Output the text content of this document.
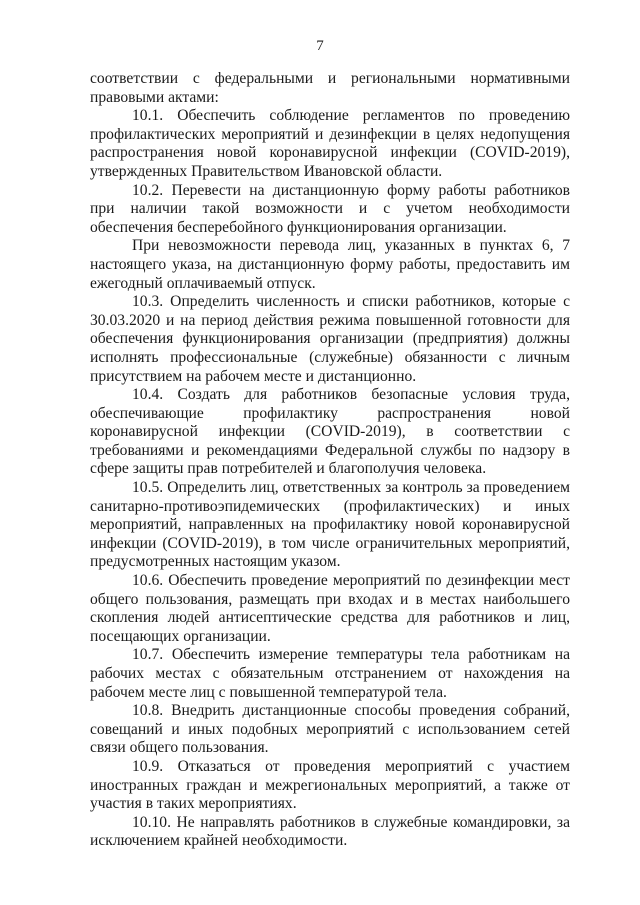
7

соответствии с федеральными и региональными нормативными правовыми актами:

10.1. Обеспечить соблюдение регламентов по проведению профилактических мероприятий и дезинфекции в целях недопущения распространения новой коронавирусной инфекции (COVID-2019), утвержденных Правительством Ивановской области.

10.2. Перевести на дистанционную форму работы работников при наличии такой возможности и с учетом необходимости обеспечения бесперебойного функционирования организации.

При невозможности перевода лиц, указанных в пунктах 6, 7 настоящего указа, на дистанционную форму работы, предоставить им ежегодный оплачиваемый отпуск.

10.3. Определить численность и списки работников, которые с 30.03.2020 и на период действия режима повышенной готовности для обеспечения функционирования организации (предприятия) должны исполнять профессиональные (служебные) обязанности с личным присутствием на рабочем месте и дистанционно.

10.4. Создать для работников безопасные условия труда, обеспечивающие профилактику распространения новой коронавирусной инфекции (COVID-2019), в соответствии с требованиями и рекомендациями Федеральной службы по надзору в сфере защиты прав потребителей и благополучия человека.

10.5. Определить лиц, ответственных за контроль за проведением санитарно-противоэпидемических (профилактических) и иных мероприятий, направленных на профилактику новой коронавирусной инфекции (COVID-2019), в том числе ограничительных мероприятий, предусмотренных настоящим указом.

10.6. Обеспечить проведение мероприятий по дезинфекции мест общего пользования, размещать при входах и в местах наибольшего скопления людей антисептические средства для работников и лиц, посещающих организации.

10.7. Обеспечить измерение температуры тела работникам на рабочих местах с обязательным отстранением от нахождения на рабочем месте лиц с повышенной температурой тела.

10.8. Внедрить дистанционные способы проведения собраний, совещаний и иных подобных мероприятий с использованием сетей связи общего пользования.

10.9. Отказаться от проведения мероприятий с участием иностранных граждан и межрегиональных мероприятий, а также от участия в таких мероприятиях.

10.10. Не направлять работников в служебные командировки, за исключением крайней необходимости.
